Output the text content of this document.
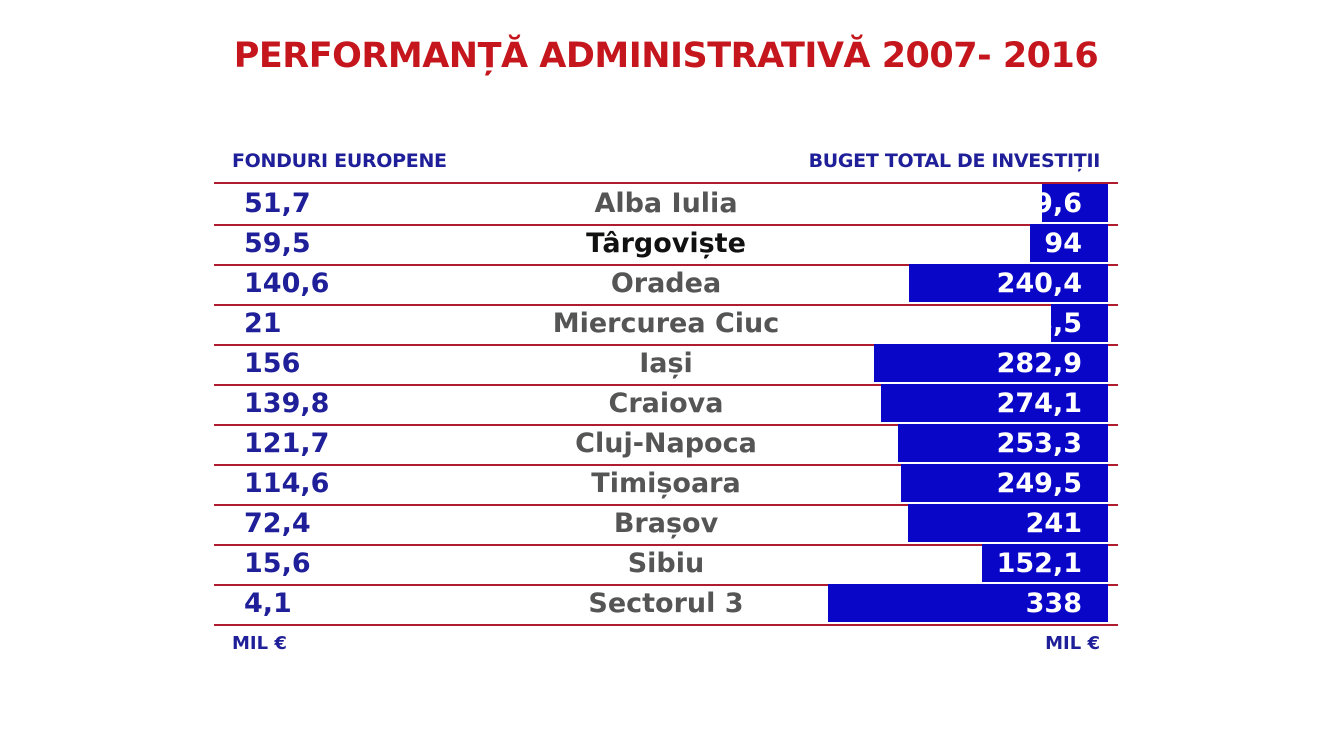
PERFORMANȚĂ ADMINISTRATIVĂ 2007- 2016
FONDURI EUROPENE	BUGET TOTAL DE INVESTIȚII
51,7	Alba Iulia	79,6
59,5	Târgoviște	94
140,6	Oradea	240,4
21	Miercurea Ciuc	68,5
156	Iași	282,9
139,8	Craiova	274,1
121,7	Cluj-Napoca	253,3
114,6	Timișoara	249,5
72,4	Brașov	241
15,6	Sibiu	152,1
4,1	Sectorul 3	338
MIL €	MIL €
